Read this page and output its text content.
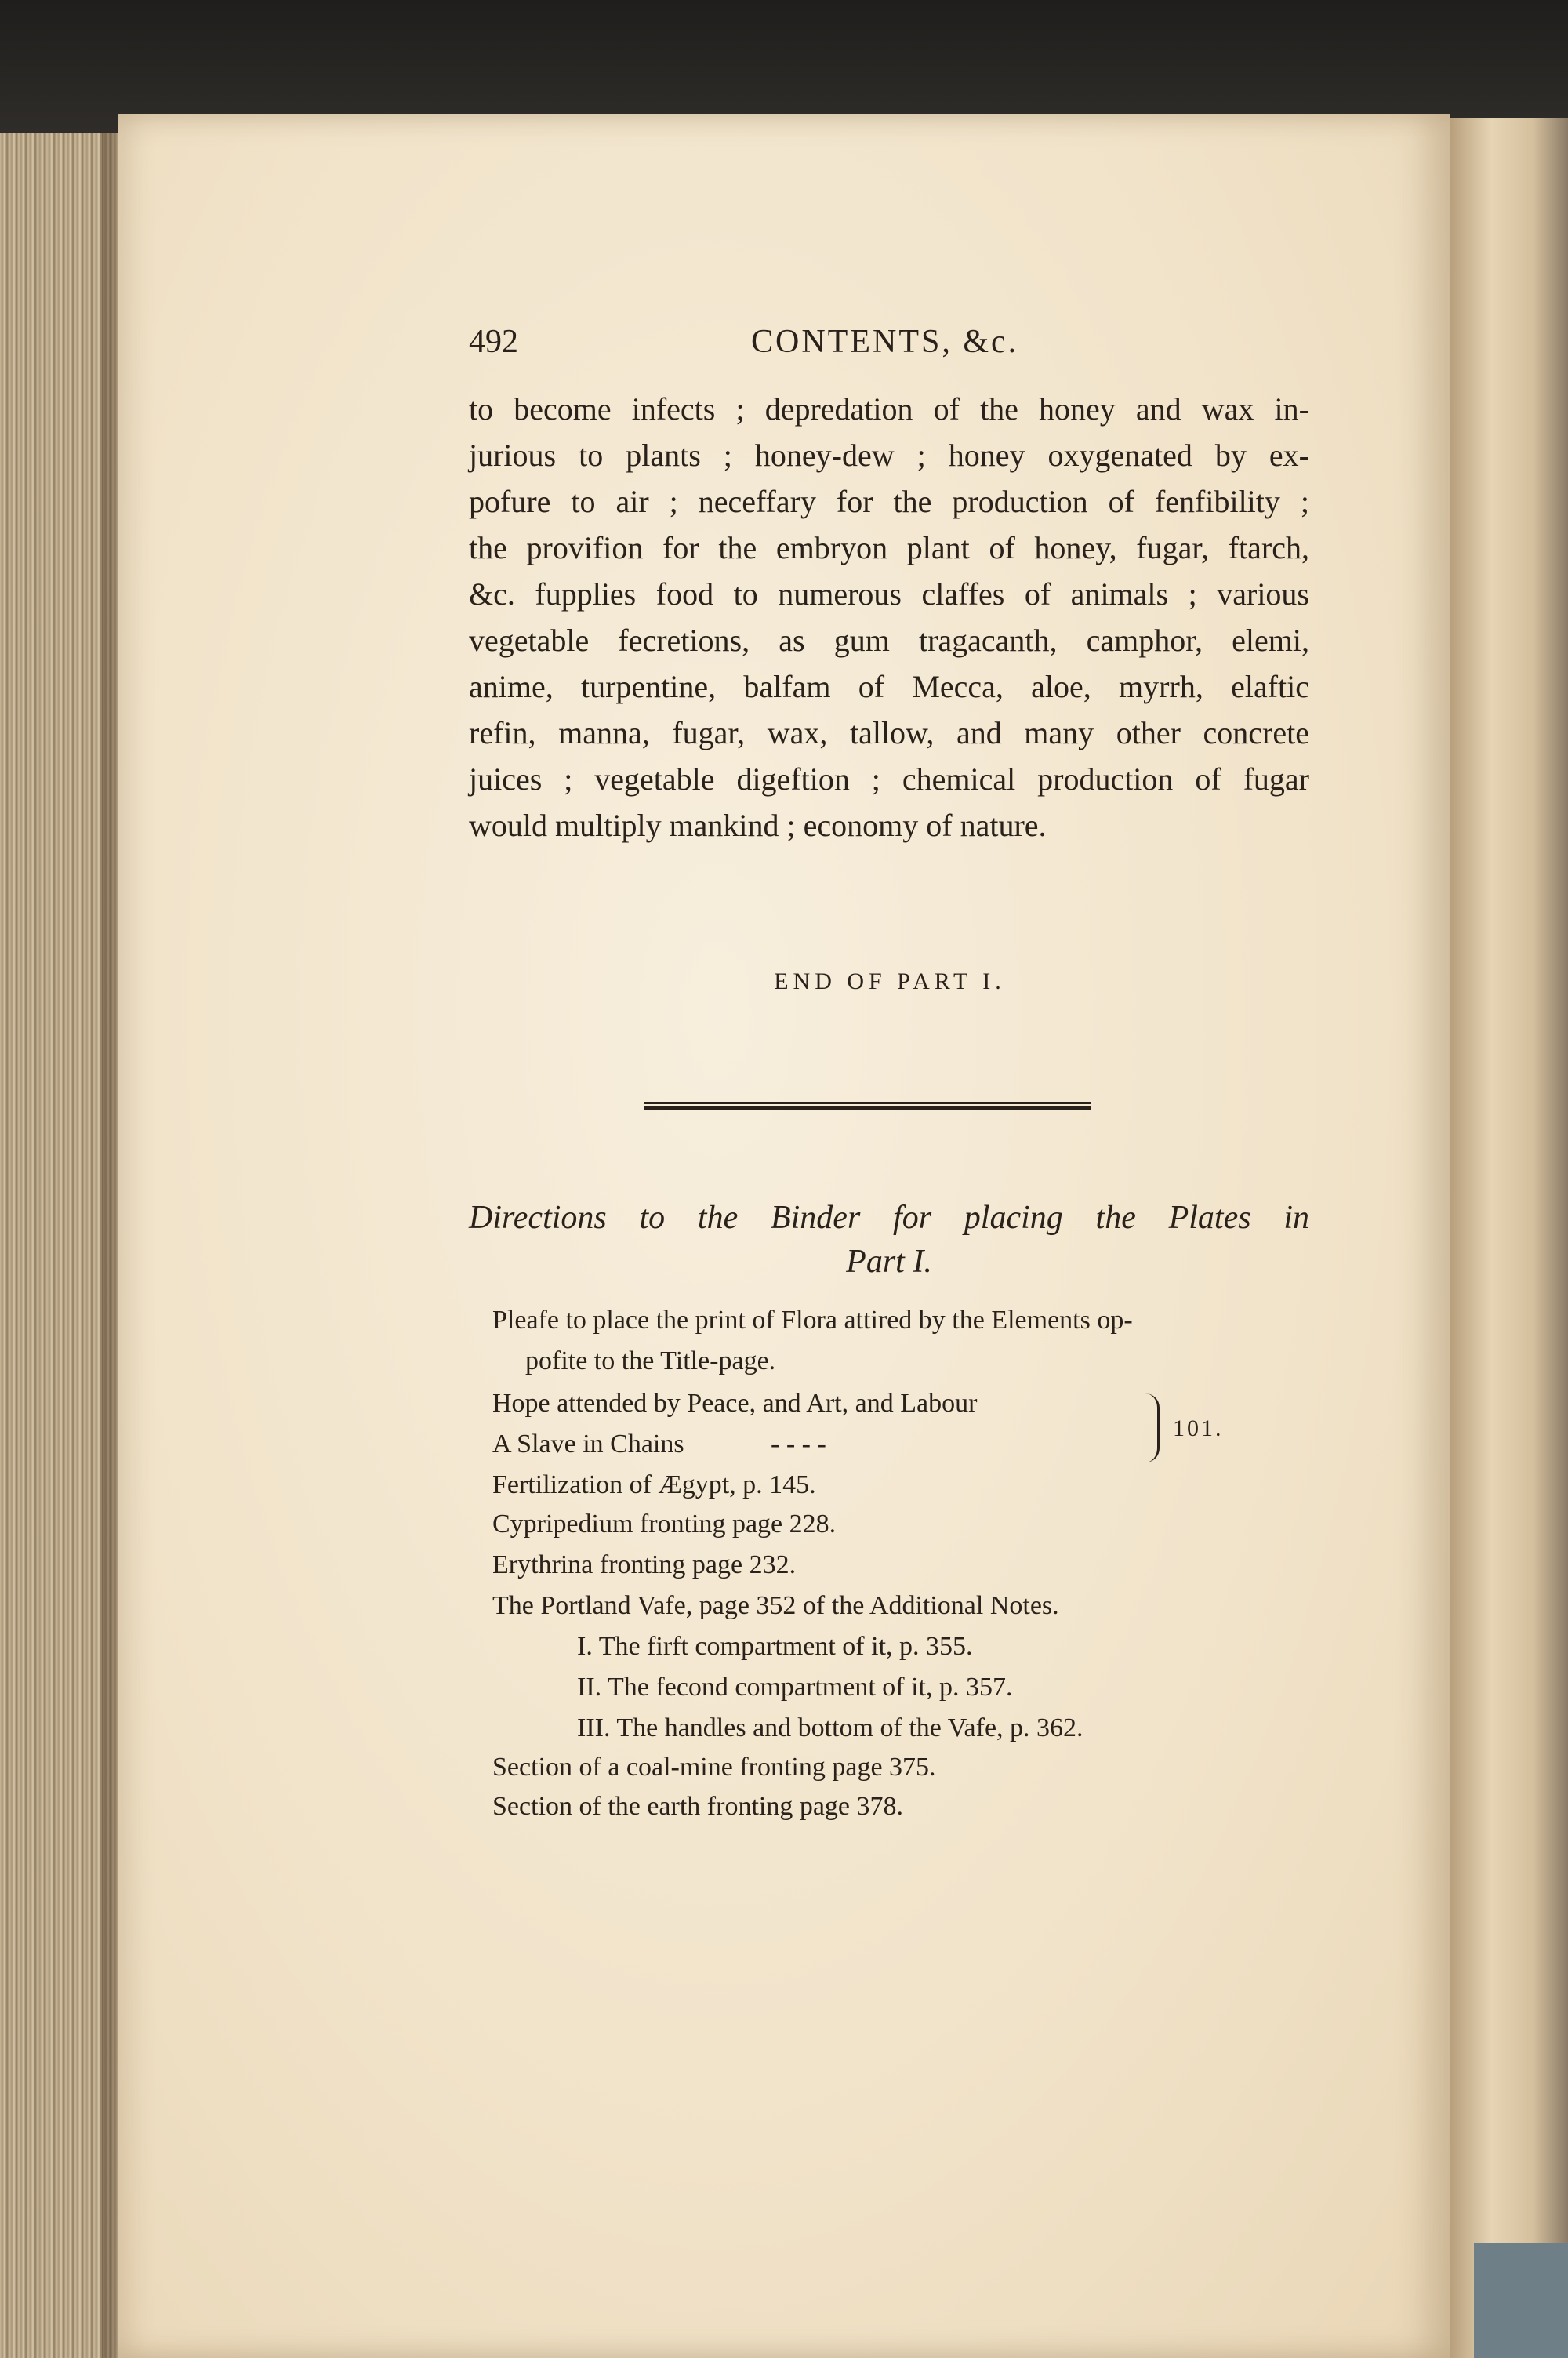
492	CONTENTS, &c.
to become infects ; depredation of the honey and wax in-
jurious to plants ; honey-dew ; honey oxygenated by ex-
pofure to air ; neceffary for the production of fenfibility ;
the provifion for the embryon plant of honey, fugar, ftarch,
&c. fupplies food to numerous claffes of animals ; various
vegetable fecretions, as gum tragacanth, camphor, elemi,
anime, turpentine, balfam of Mecca, aloe, myrrh, elaftic
refin, manna, fugar, wax, tallow, and many other concrete
juices ; vegetable digeftion ; chemical production of fugar
would multiply mankind ; economy of nature.
END OF PART I.
Directions to the Binder for placing the Plates in
Part I.
Pleafe to place the print of Flora attired by the Elements op-
pofite to the Title-page.
Hope attended by Peace, and Art, and Labour
A Slave in Chains	- - - -
101.
Fertilization of Ægypt, p. 145.
Cypripedium fronting page 228.
Erythrina fronting page 232.
The Portland Vafe, page 352 of the Additional Notes.
I. The firft compartment of it, p. 355.
II. The fecond compartment of it, p. 357.
III. The handles and bottom of the Vafe, p. 362.
Section of a coal-mine fronting page 375.
Section of the earth fronting page 378.
